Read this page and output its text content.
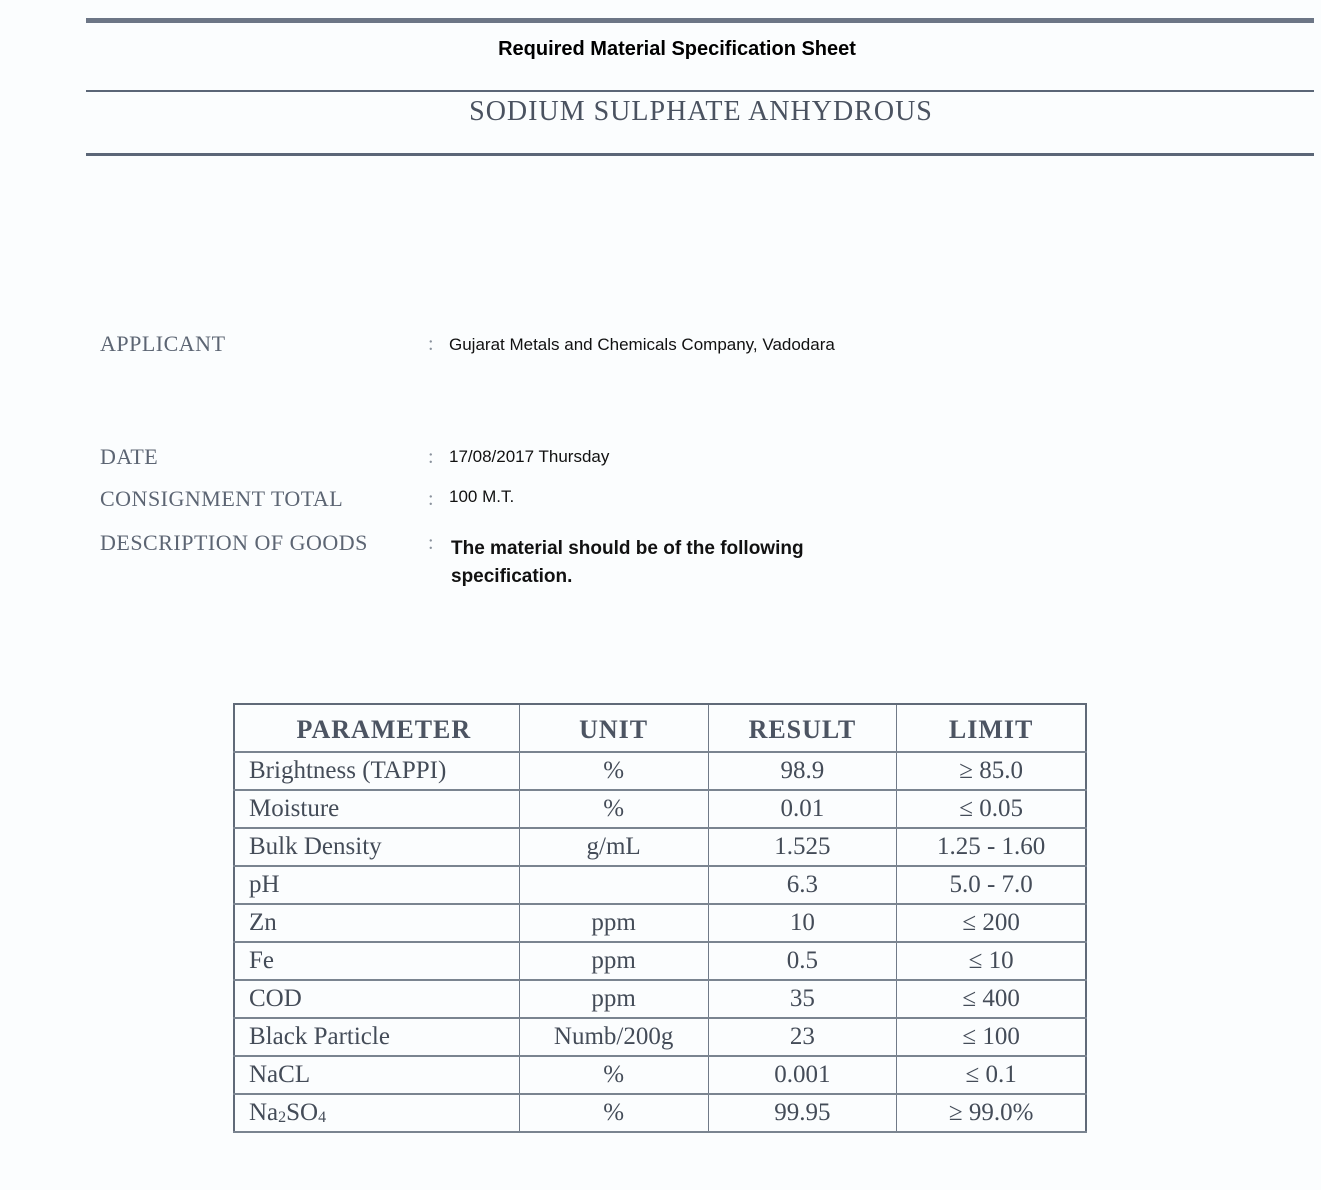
Required Material Specification Sheet
SODIUM SULPHATE ANHYDROUS
APPLICANT	: Gujarat Metals and Chemicals Company, Vadodara
DATE	: 17/08/2017 Thursday
CONSIGNMENT TOTAL	: 100 M.T.
DESCRIPTION OF GOODS	: The material should be of the following specification.
PARAMETER	UNIT	RESULT	LIMIT
Brightness (TAPPI)	%	98.9	≥ 85.0
Moisture	%	0.01	≤ 0.05
Bulk Density	g/mL	1.525	1.25 - 1.60
pH		6.3	5.0 - 7.0
Zn	ppm	10	≤ 200
Fe	ppm	0.5	≤ 10
COD	ppm	35	≤ 400
Black Particle	Numb/200g	23	≤ 100
NaCL	%	0.001	≤ 0.1
$Na_2SO_4$	%	99.95	≥ 99.0%
